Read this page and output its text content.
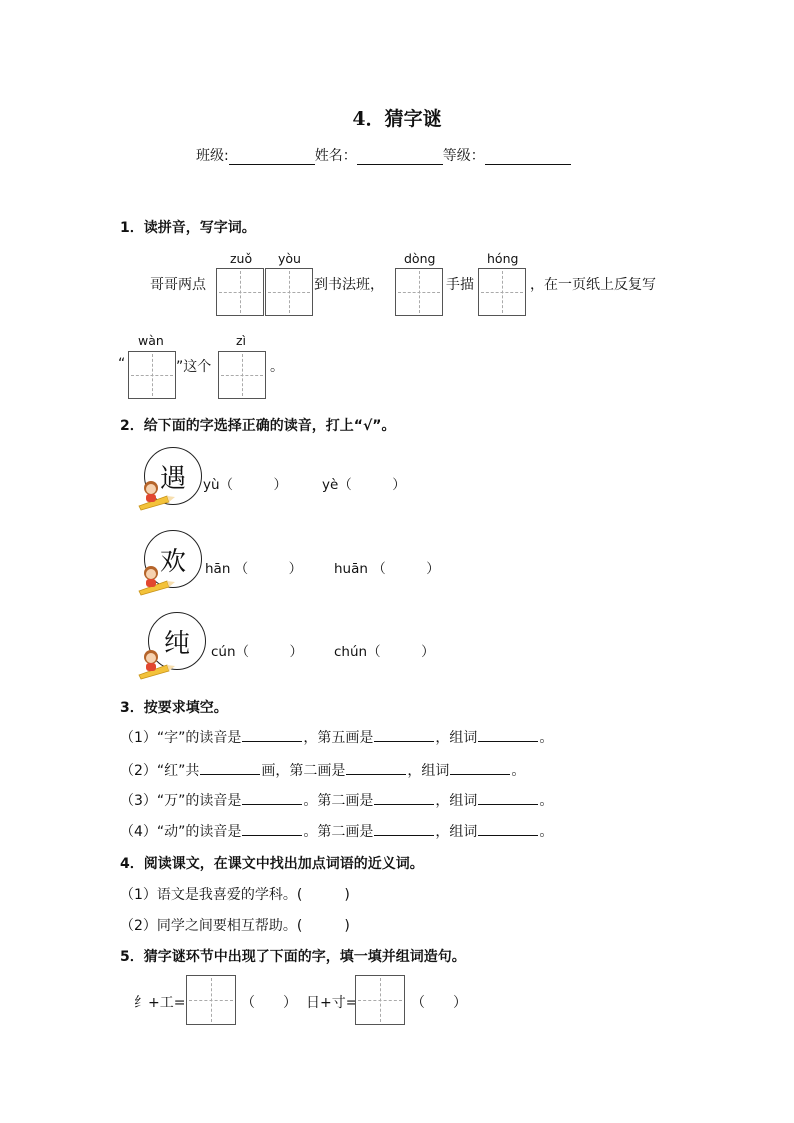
4．猜字谜
班级:	姓名：	等级：
1．读拼音，写字词。
zuǒ yòu	dòng	hóng
哥哥两点	到书法班，	手描	，在一页纸上反复写
wàn	zì
“	”这个	。
2．给下面的字选择正确的读音，打上“√”。
遇	yù（　　　）	yè（　　　）
欢	hān （　　　） huān （　　　）
纯	cún（　　　） chún（　　　）
3．按要求填空。
（1）“字”的读音是	，第五画是	，组词	。
（2）“红”共	画，第二画是	，组词	。
（3）“万”的读音是	。第二画是	，组词	。
（4）“动”的读音是	。第二画是	，组词	。
4．阅读课文，在课文中找出加点词语的近义词。
（1）语文是我喜爱的学科。(　　　)
（2）同学之间要相互帮助。(　　　)
5．猜字谜环节中出现了下面的字，填一填并组词造句。
纟+工=	（　　） 日+寸=	（　　）
